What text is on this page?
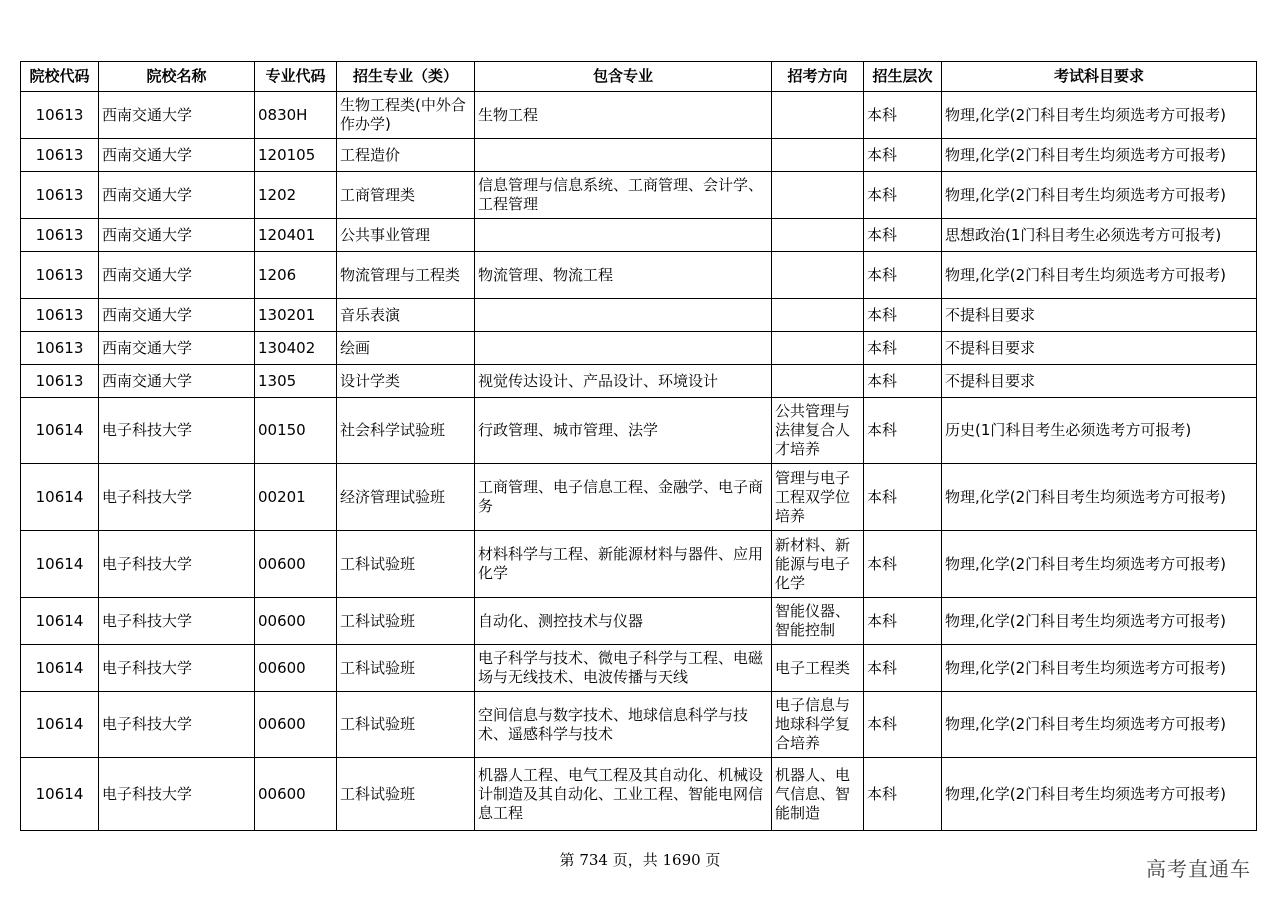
院校代码	院校名称	专业代码	招生专业（类）	包含专业	招考方向	招生层次	考试科目要求
10613	西南交通大学	0830H	生物工程类(中外合作办学)	生物工程		本科	物理,化学(2门科目考生均须选考方可报考)
10613	西南交通大学	120105	工程造价			本科	物理,化学(2门科目考生均须选考方可报考)
10613	西南交通大学	1202	工商管理类	信息管理与信息系统、工商管理、会计学、工程管理		本科	物理,化学(2门科目考生均须选考方可报考)
10613	西南交通大学	120401	公共事业管理			本科	思想政治(1门科目考生必须选考方可报考)
10613	西南交通大学	1206	物流管理与工程类	物流管理、物流工程		本科	物理,化学(2门科目考生均须选考方可报考)
10613	西南交通大学	130201	音乐表演			本科	不提科目要求
10613	西南交通大学	130402	绘画			本科	不提科目要求
10613	西南交通大学	1305	设计学类	视觉传达设计、产品设计、环境设计		本科	不提科目要求
10614	电子科技大学	00150	社会科学试验班	行政管理、城市管理、法学	公共管理与法律复合人才培养	本科	历史(1门科目考生必须选考方可报考)
10614	电子科技大学	00201	经济管理试验班	工商管理、电子信息工程、金融学、电子商务	管理与电子工程双学位培养	本科	物理,化学(2门科目考生均须选考方可报考)
10614	电子科技大学	00600	工科试验班	材料科学与工程、新能源材料与器件、应用化学	新材料、新能源与电子化学	本科	物理,化学(2门科目考生均须选考方可报考)
10614	电子科技大学	00600	工科试验班	自动化、测控技术与仪器	智能仪器、智能控制	本科	物理,化学(2门科目考生均须选考方可报考)
10614	电子科技大学	00600	工科试验班	电子科学与技术、微电子科学与工程、电磁场与无线技术、电波传播与天线	电子工程类	本科	物理,化学(2门科目考生均须选考方可报考)
10614	电子科技大学	00600	工科试验班	空间信息与数字技术、地球信息科学与技术、遥感科学与技术	电子信息与地球科学复合培养	本科	物理,化学(2门科目考生均须选考方可报考)
10614	电子科技大学	00600	工科试验班	机器人工程、电气工程及其自动化、机械设计制造及其自动化、工业工程、智能电网信息工程	机器人、电气信息、智能制造	本科	物理,化学(2门科目考生均须选考方可报考)
第 734 页，共 1690 页	高考直通车
